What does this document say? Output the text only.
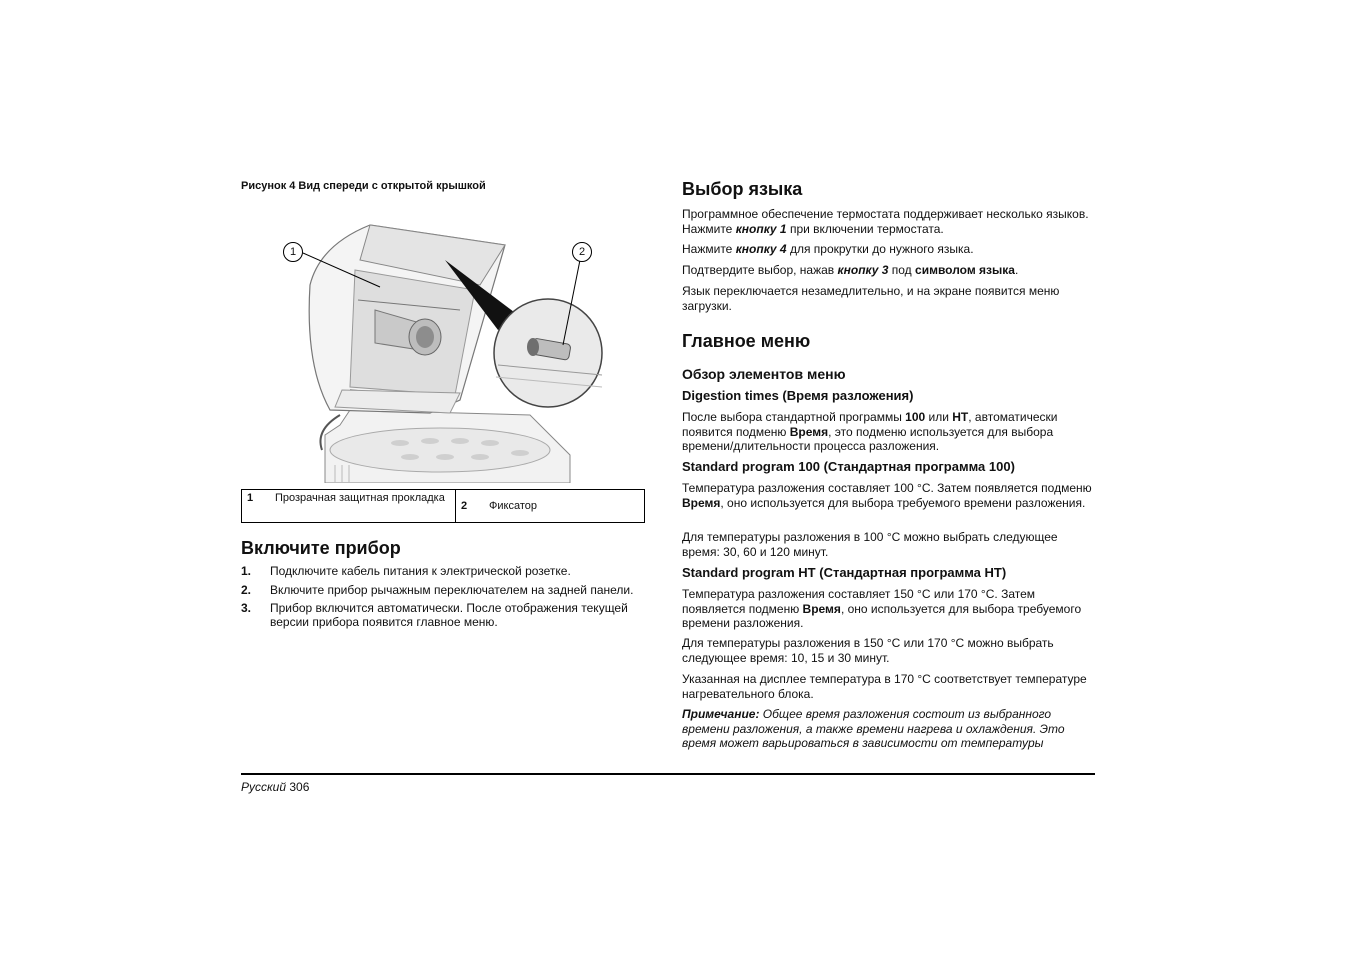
Рисунок 4 Вид спереди с открытой крышкой
1	2
1	Прозрачная защитная прокладка	2	Фиксатор
Включите прибор
1. Подключите кабель питания к электрической розетке.
2. Включите прибор рычажным переключателем на задней панели.
3. Прибор включится автоматически. После отображения текущей версии прибора появится главное меню.
Выбор языка

Программное обеспечение термостата поддерживает несколько языков. Нажмите кнопку 1 при включении термостата.

Нажмите кнопку 4 для прокрутки до нужного языка.

Подтвердите выбор, нажав кнопку 3 под символом языка.

Язык переключается незамедлительно, и на экране появится меню загрузки.

Главное меню
Обзор элементов меню
Digestion times (Время разложения)

После выбора стандартной программы 100 или HT, автоматически появится подменю Время, это подменю используется для выбора времени/длительности процесса разложения.

Standard program 100 (Стандартная программа 100)

Температура разложения составляет 100 °C. Затем появляется подменю Время, оно используется для выбора требуемого времени разложения.

Для температуры разложения в 100 °C можно выбрать следующее время: 30, 60 и 120 минут.

Standard program HT (Стандартная программа HT)

Температура разложения составляет 150 °C или 170 °C. Затем появляется подменю Время, оно используется для выбора требуемого времени разложения.

Для температуры разложения в 150 °C или 170 °C можно выбрать следующее время: 10, 15 и 30 минут.

Указанная на дисплее температура в 170 °C соответствует температуре нагревательного блока.

Примечание: Общее время разложения состоит из выбранного времени разложения, а также времени нагрева и охлаждения. Это время может варьироваться в зависимости от температуры

Русский 306
